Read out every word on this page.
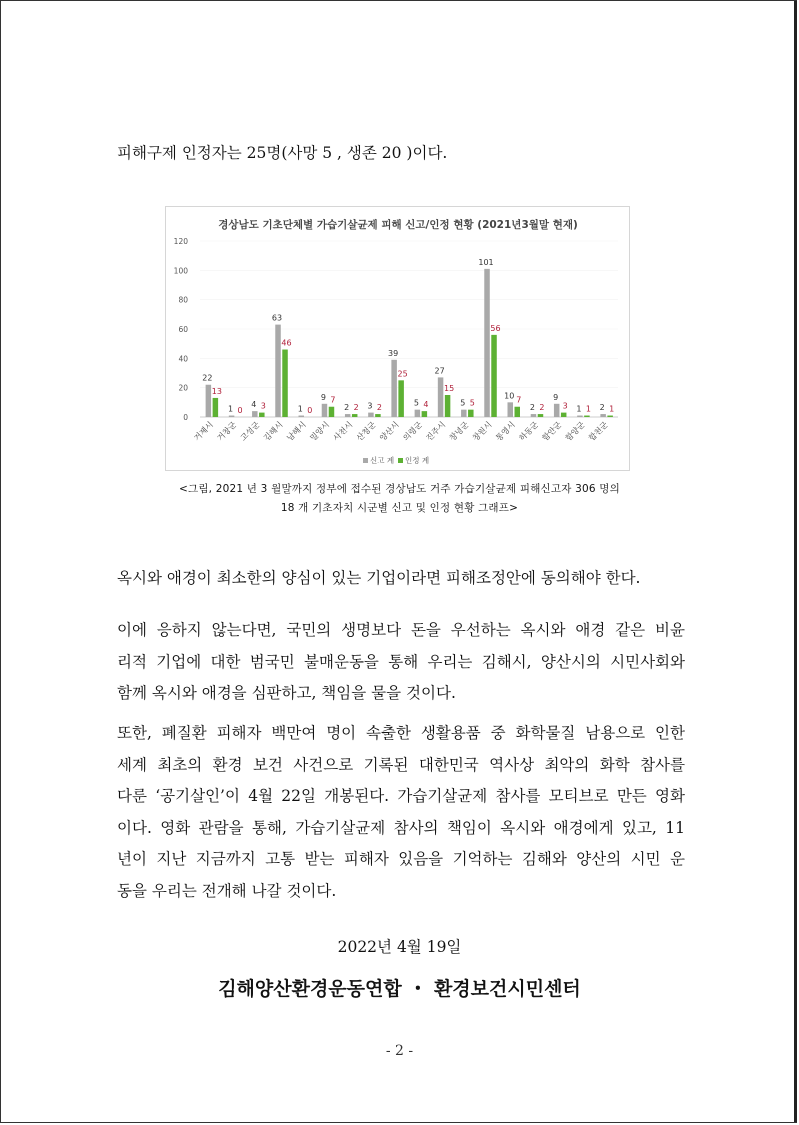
피해구제 인정자는 25명(사망 5 , 생존 20 )이다.

경상남도 기초단체별 가습기살균제 피해 신고/인정 현황 (2021년3월말 현재)
0
20
40
60
80
100
120
22
13
거제시
1 0
거창군
4 3
고성군
63
46
김해시
1 0
남해시
9 7
밀양시
2 2
사천시
3 2
산청군
39
25
양산시
5 4
의령군
27
15
진주시
5 5
창녕군
101
56
창원시
10 7
통영시
2 2
하동군
9
3
함안군
1 1
함양군
2 1
합천군
신고 계 인정 계
<그림, 2021 년 3 월말까지 정부에 접수된 경상남도 거주 가습기살균제 피해신고자 306 명의
18 개 기초자치 시군별 신고 및 인정 현황 그래프>
옥시와 애경이 최소한의 양심이 있는 기업이라면 피해조정안에 동의해야 한다.
이에 응하지 않는다면, 국민의 생명보다 돈을 우선하는 옥시와 애경 같은 비윤
리적 기업에 대한 범국민 불매운동을 통해 우리는 김해시, 양산시의 시민사회와
함께 옥시와 애경을 심판하고, 책임을 물을 것이다.
또한, 폐질환 피해자 백만여 명이 속출한 생활용품 중 화학물질 남용으로 인한
세계 최초의 환경 보건 사건으로 기록된 대한민국 역사상 최악의 화학 참사를
다룬 ‘공기살인’이 4월 22일 개봉된다. 가습기살균제 참사를 모티브로 만든 영화
이다. 영화 관람을 통해, 가습기살균제 참사의 책임이 옥시와 애경에게 있고, 11
년이 지난 지금까지 고통 받는 피해자 있음을 기억하는 김해와 양산의 시민 운
동을 우리는 전개해 나갈 것이다.
2022년 4월 19일
김해양산환경운동연합 ・ 환경보건시민센터
- 2 -
